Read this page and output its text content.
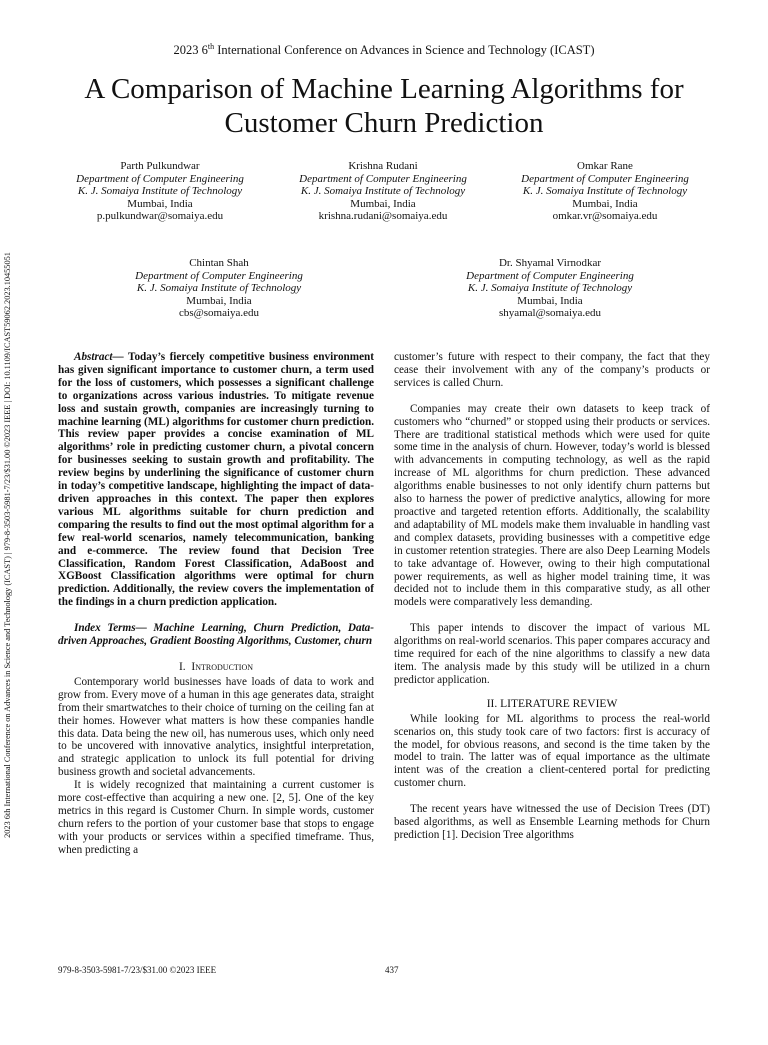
2023 6th International Conference on Advances in Science and Technology (ICAST)
A Comparison of Machine Learning Algorithms for Customer Churn Prediction
Parth Pulkundwar
Department of Computer Engineering
K. J. Somaiya Institute of Technology
Mumbai, India
p.pulkundwar@somaiya.edu
Krishna Rudani
Department of Computer Engineering
K. J. Somaiya Institute of Technology
Mumbai, India
krishna.rudani@somaiya.edu
Omkar Rane
Department of Computer Engineering
K. J. Somaiya Institute of Technology
Mumbai, India
omkar.vr@somaiya.edu
Chintan Shah
Department of Computer Engineering
K. J. Somaiya Institute of Technology
Mumbai, India
cbs@somaiya.edu
Dr. Shyamal Virnodkar
Department of Computer Engineering
K. J. Somaiya Institute of Technology
Mumbai, India
shyamal@somaiya.edu
2023 6th International Conference on Advances in Science and Technology (ICAST) | 979-8-3503-5981-7/23/$31.00 ©2023 IEEE | DOI: 10.1109/ICAST59062.2023.10455051	Abstract— Today’s fiercely competitive business environment has given significant importance to customer churn, a term used for the loss of customers, which possesses a significant challenge to organizations across various industries. To mitigate revenue loss and sustain growth, companies are increasingly turning to machine learning (ML) algorithms for customer churn prediction. This review paper provides a concise examination of ML algorithms’ role in predicting customer churn, a pivotal concern for businesses seeking to sustain growth and profitability. The review begins by underlining the significance of customer churn in today’s competitive landscape, highlighting the impact of data-driven approaches in this context. The paper then explores various ML algorithms suitable for churn prediction and comparing the results to find out the most optimal algorithm for a few real-world scenarios, namely telecommunication, banking and e-commerce. The review found that Decision Tree Classification, Random Forest Classification, AdaBoost and XGBoost Classification algorithms were optimal for churn prediction. Additionally, the review covers the implementation of the findings in a churn prediction application.

Index Terms— Machine Learning, Churn Prediction, Data-driven Approaches, Gradient Boosting Algorithms, Customer, churn

I. Introduction

Contemporary world businesses have loads of data to work and grow from. Every move of a human in this age generates data, straight from their smartwatches to their choice of turning on the ceiling fan at their homes. However what matters is how these companies handle this data. Data being the new oil, has numerous uses, which only need to be uncovered with innovative analytics, insightful interpretation, and strategic application to unlock its full potential for driving business growth and societal advancements.

It is widely recognized that maintaining a current customer is more cost-effective than acquiring a new one. [2, 5]. One of the key metrics in this regard is Customer Churn. In simple words, customer churn refers to the portion of your customer base that stops to engage with your products or services within a specified timeframe. Thus, when predicting a

customer’s future with respect to their company, the fact that they cease their involvement with any of the company’s products or services is called Churn.

Companies may create their own datasets to keep track of customers who “churned” or stopped using their products or services. There are traditional statistical methods which were used for quite some time in the analysis of churn. However, today’s world is blessed with advancements in computing technology, as well as the rapid increase of ML algorithms for churn prediction. These advanced algorithms enable businesses to not only identify churn patterns but also to harness the power of predictive analytics, allowing for more proactive and targeted retention efforts. Additionally, the scalability and adaptability of ML models make them invaluable in handling vast and complex datasets, providing businesses with a competitive edge in customer retention strategies. There are also Deep Learning Models to take advantage of. However, owing to their high computational power requirements, as well as higher model training time, it was decided not to include them in this comparative study, as all other models were comparatively less demanding.

This paper intends to discover the impact of various ML algorithms on real-world scenarios. This paper compares accuracy and time required for each of the nine algorithms to classify a new data item. The analysis made by this study will be utilized in a churn predictor application.

II. LITERATURE REVIEW

While looking for ML algorithms to process the real-world scenarios on, this study took care of two factors: first is accuracy of the model, for obvious reasons, and second is the time taken by the model to train. The latter was of equal importance as the ultimate intent was of the creation a client-centered portal for predicting customer churn.

The recent years have witnessed the use of Decision Trees (DT) based algorithms, as well as Ensemble Learning methods for Churn prediction [1]. Decision Tree algorithms

979-8-3503-5981-7/23/$31.00 ©2023 IEEE	437
